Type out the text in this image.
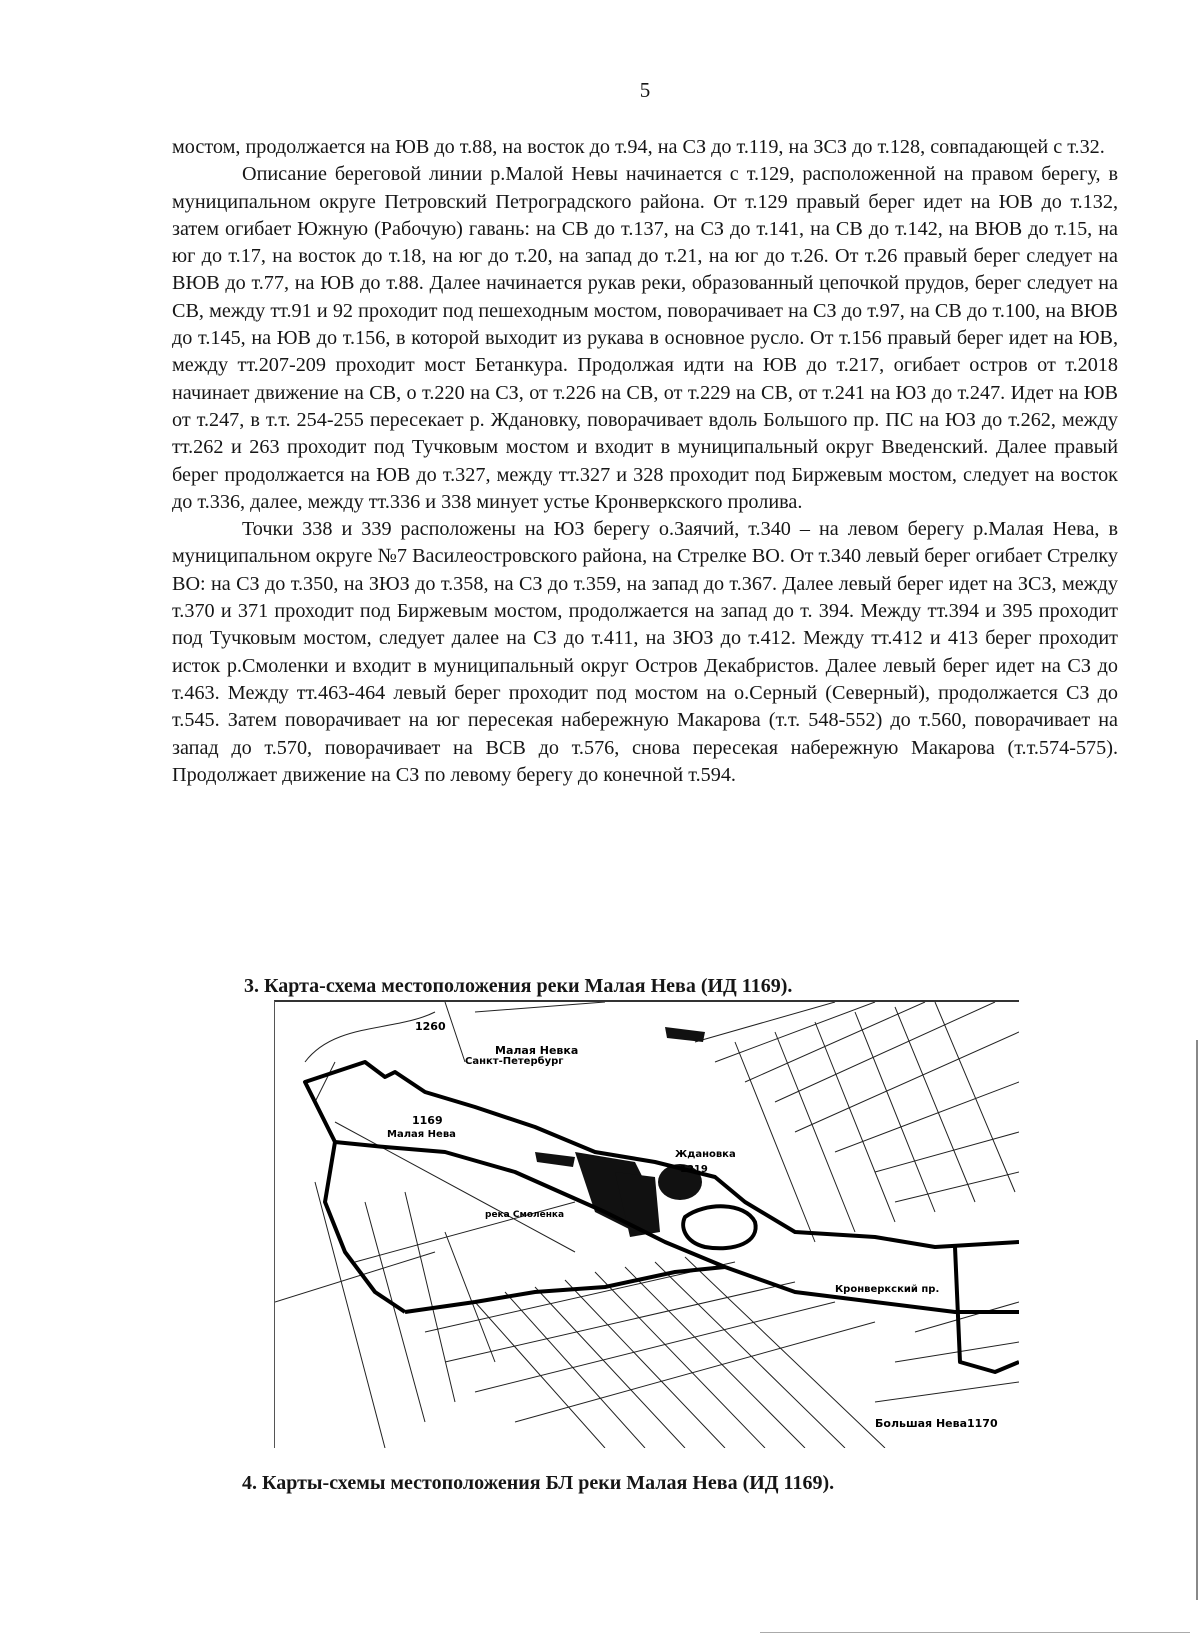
5

мостом, продолжается на ЮВ до т.88, на восток до т.94, на СЗ до т.119, на ЗСЗ до т.128, совпадающей с т.32.

Описание береговой линии р.Малой Невы начинается с т.129, расположенной на правом берегу, в муниципальном округе Петровский Петроградского района. От т.129 правый берег идет на ЮВ до т.132, затем огибает Южную (Рабочую) гавань: на СВ до т.137, на СЗ до т.141, на СВ до т.142, на ВЮВ до т.15, на юг до т.17, на восток до т.18, на юг до т.20, на запад до т.21, на юг до т.26. От т.26 правый берег следует на ВЮВ до т.77, на ЮВ до т.88. Далее начинается рукав реки, образованный цепочкой прудов, берег следует на СВ, между тт.91 и 92 проходит под пешеходным мостом, поворачивает на СЗ до т.97, на СВ до т.100, на ВЮВ до т.145, на ЮВ до т.156, в которой выходит из рукава в основное русло. От т.156 правый берег идет на ЮВ, между тт.207-209 проходит мост Бетанкура. Продолжая идти на ЮВ до т.217, огибает остров от т.2018 начинает движение на СВ, о т.220 на СЗ, от т.226 на СВ, от т.229 на СВ, от т.241 на ЮЗ до т.247. Идет на ЮВ от т.247, в т.т. 254-255 пересекает р. Ждановку, поворачивает вдоль Большого пр. ПС на ЮЗ до т.262, между тт.262 и 263 проходит под Тучковым мостом и входит в муниципальный округ Введенский. Далее правый берег продолжается на ЮВ до т.327, между тт.327 и 328 проходит под Биржевым мостом, следует на восток до т.336, далее, между тт.336 и 338 минует устье Кронверкского пролива.

Точки 338 и 339 расположены на ЮЗ берегу о.Заячий, т.340 – на левом берегу р.Малая Нева, в муниципальном округе №7 Василеостровского района, на Стрелке ВО. От т.340 левый берег огибает Стрелку ВО: на СЗ до т.350, на ЗЮЗ до т.358, на СЗ до т.359, на запад до т.367. Далее левый берег идет на ЗСЗ, между т.370 и 371 проходит под Биржевым мостом, продолжается на запад до т. 394. Между тт.394 и 395 проходит под Тучковым мостом, следует далее на СЗ до т.411, на ЗЮЗ до т.412. Между тт.412 и 413 берег проходит исток р.Смоленки и входит в муниципальный округ Остров Декабристов. Далее левый берег идет на СЗ до т.463. Между тт.463-464 левый берег проходит под мостом на о.Серный (Северный), продолжается СЗ до т.545. Затем поворачивает на юг пересекая набережную Макарова (т.т. 548-552) до т.560, поворачивает на запад до т.570, поворачивает на ВСВ до т.576, снова пересекая набережную Макарова (т.т.574-575). Продолжает движение на СЗ по левому берегу до конечной т.594.

3. Карта-схема местоположения реки Малая Нева (ИД 1169).
1260
Малая Невка
Санкт-Петербург
1169
Малая Нева
Ждановка
1219
Кронверкский пр.
река Смоленка
Большая Нева 1170
4. Карты-схемы местоположения БЛ реки Малая Нева (ИД 1169).
